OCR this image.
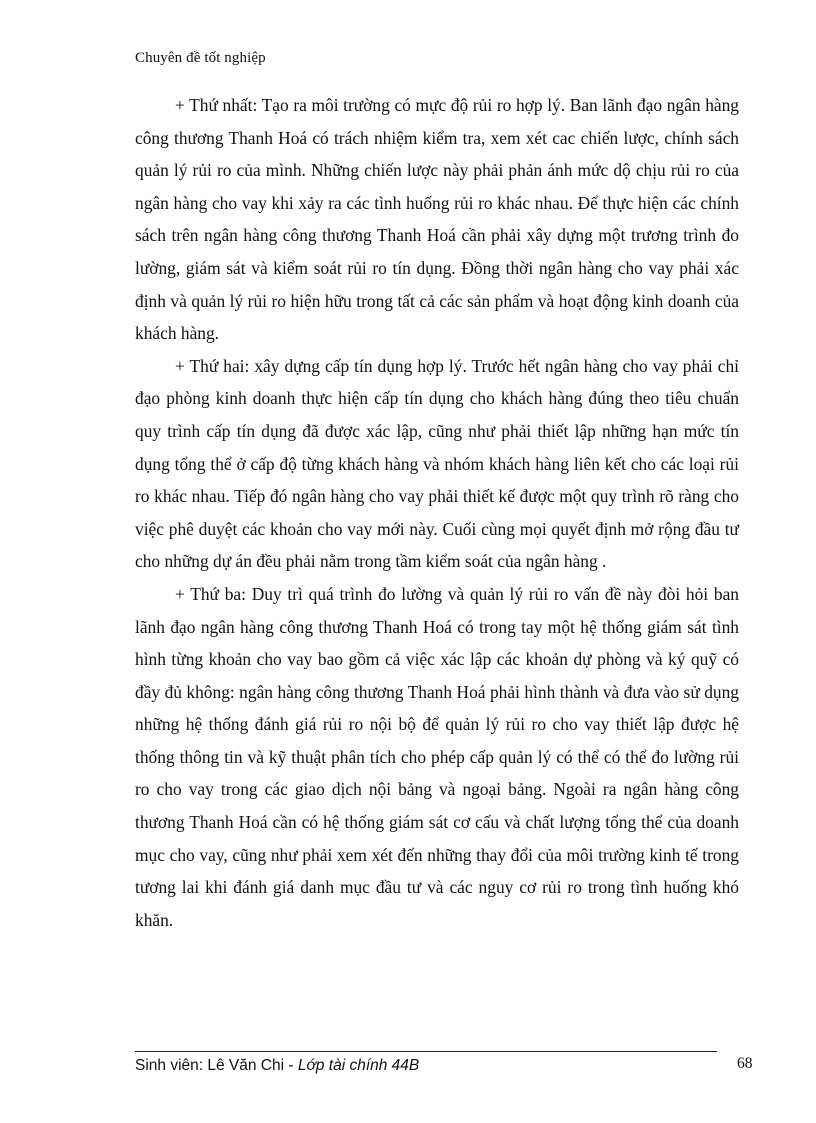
Chuyên đề tốt nghiệp

+ Thứ nhất: Tạo ra môi trường có mực độ rủi ro hợp lý. Ban lãnh đạo ngân hàng công thương Thanh Hoá có trách nhiệm kiểm tra, xem xét cac chiến lược, chính sách quản lý rủi ro của mình. Những chiến lược này phải phản ánh mức dộ chịu rủi ro của ngân hàng cho vay khi xảy ra các tình huống rủi ro khác nhau. Để thực hiện các chính sách trên ngân hàng công thương Thanh Hoá cần phải xây dựng một trương trình đo lường, giám sát và kiểm soát rủi ro tín dụng. Đồng thời ngân hàng cho vay phải xác định và quản lý rủi ro hiện hữu trong tất cả các sản phẩm và hoạt động kinh doanh của khách hàng.

+ Thứ hai: xây dựng cấp tín dụng hợp lý. Trước hết ngân hàng cho vay phải chỉ đạo phòng kinh doanh thực hiện cấp tín dụng cho khách hàng đúng theo tiêu chuẩn quy trình cấp tín dụng đã được xác lập, cũng như phải thiết lập những hạn mức tín dụng tổng thể ở cấp độ từng khách hàng và nhóm khách hàng liên kết cho các loại rủi ro khác nhau. Tiếp đó ngân hàng cho vay phải thiết kế được một quy trình rõ ràng cho việc phê duyệt các khoản cho vay mới này. Cuối cùng mọi quyết định mở rộng đầu tư cho những dự án đều phải nằm trong tầm kiểm soát của ngân hàng .

+ Thứ ba: Duy trì quá trình đo lường và quản lý rủi ro vấn đề này đòi hỏi ban lãnh đạo ngân hàng công thương Thanh Hoá có trong tay một hệ thống giám sát tình hình từng khoản cho vay bao gồm cả việc xác lập các khoản dự phòng và ký quỹ có đầy đủ không: ngân hàng công thương Thanh Hoá phải hình thành và đưa vào sử dụng những hệ thống đánh giá rủi ro nội bộ để quản lý rủi ro cho vay thiết lập được hệ thống thông tin và kỹ thuật phân tích cho phép cấp quản lý có thể có thể đo lường rủi ro cho vay trong các giao dịch nội bảng và ngoại bảng. Ngoài ra ngân hàng công thương Thanh Hoá cần có hệ thống giám sát cơ cấu và chất lượng tổng thể của doanh mục cho vay, cũng như phải xem xét đến những thay đổi của môi trường kinh tế trong tương lai khi đánh giá danh mục đầu tư và các nguy cơ rủi ro trong tình huống khó khăn.

Sinh viên: Lê Văn Chi - Lớp tài chính 44B	68
